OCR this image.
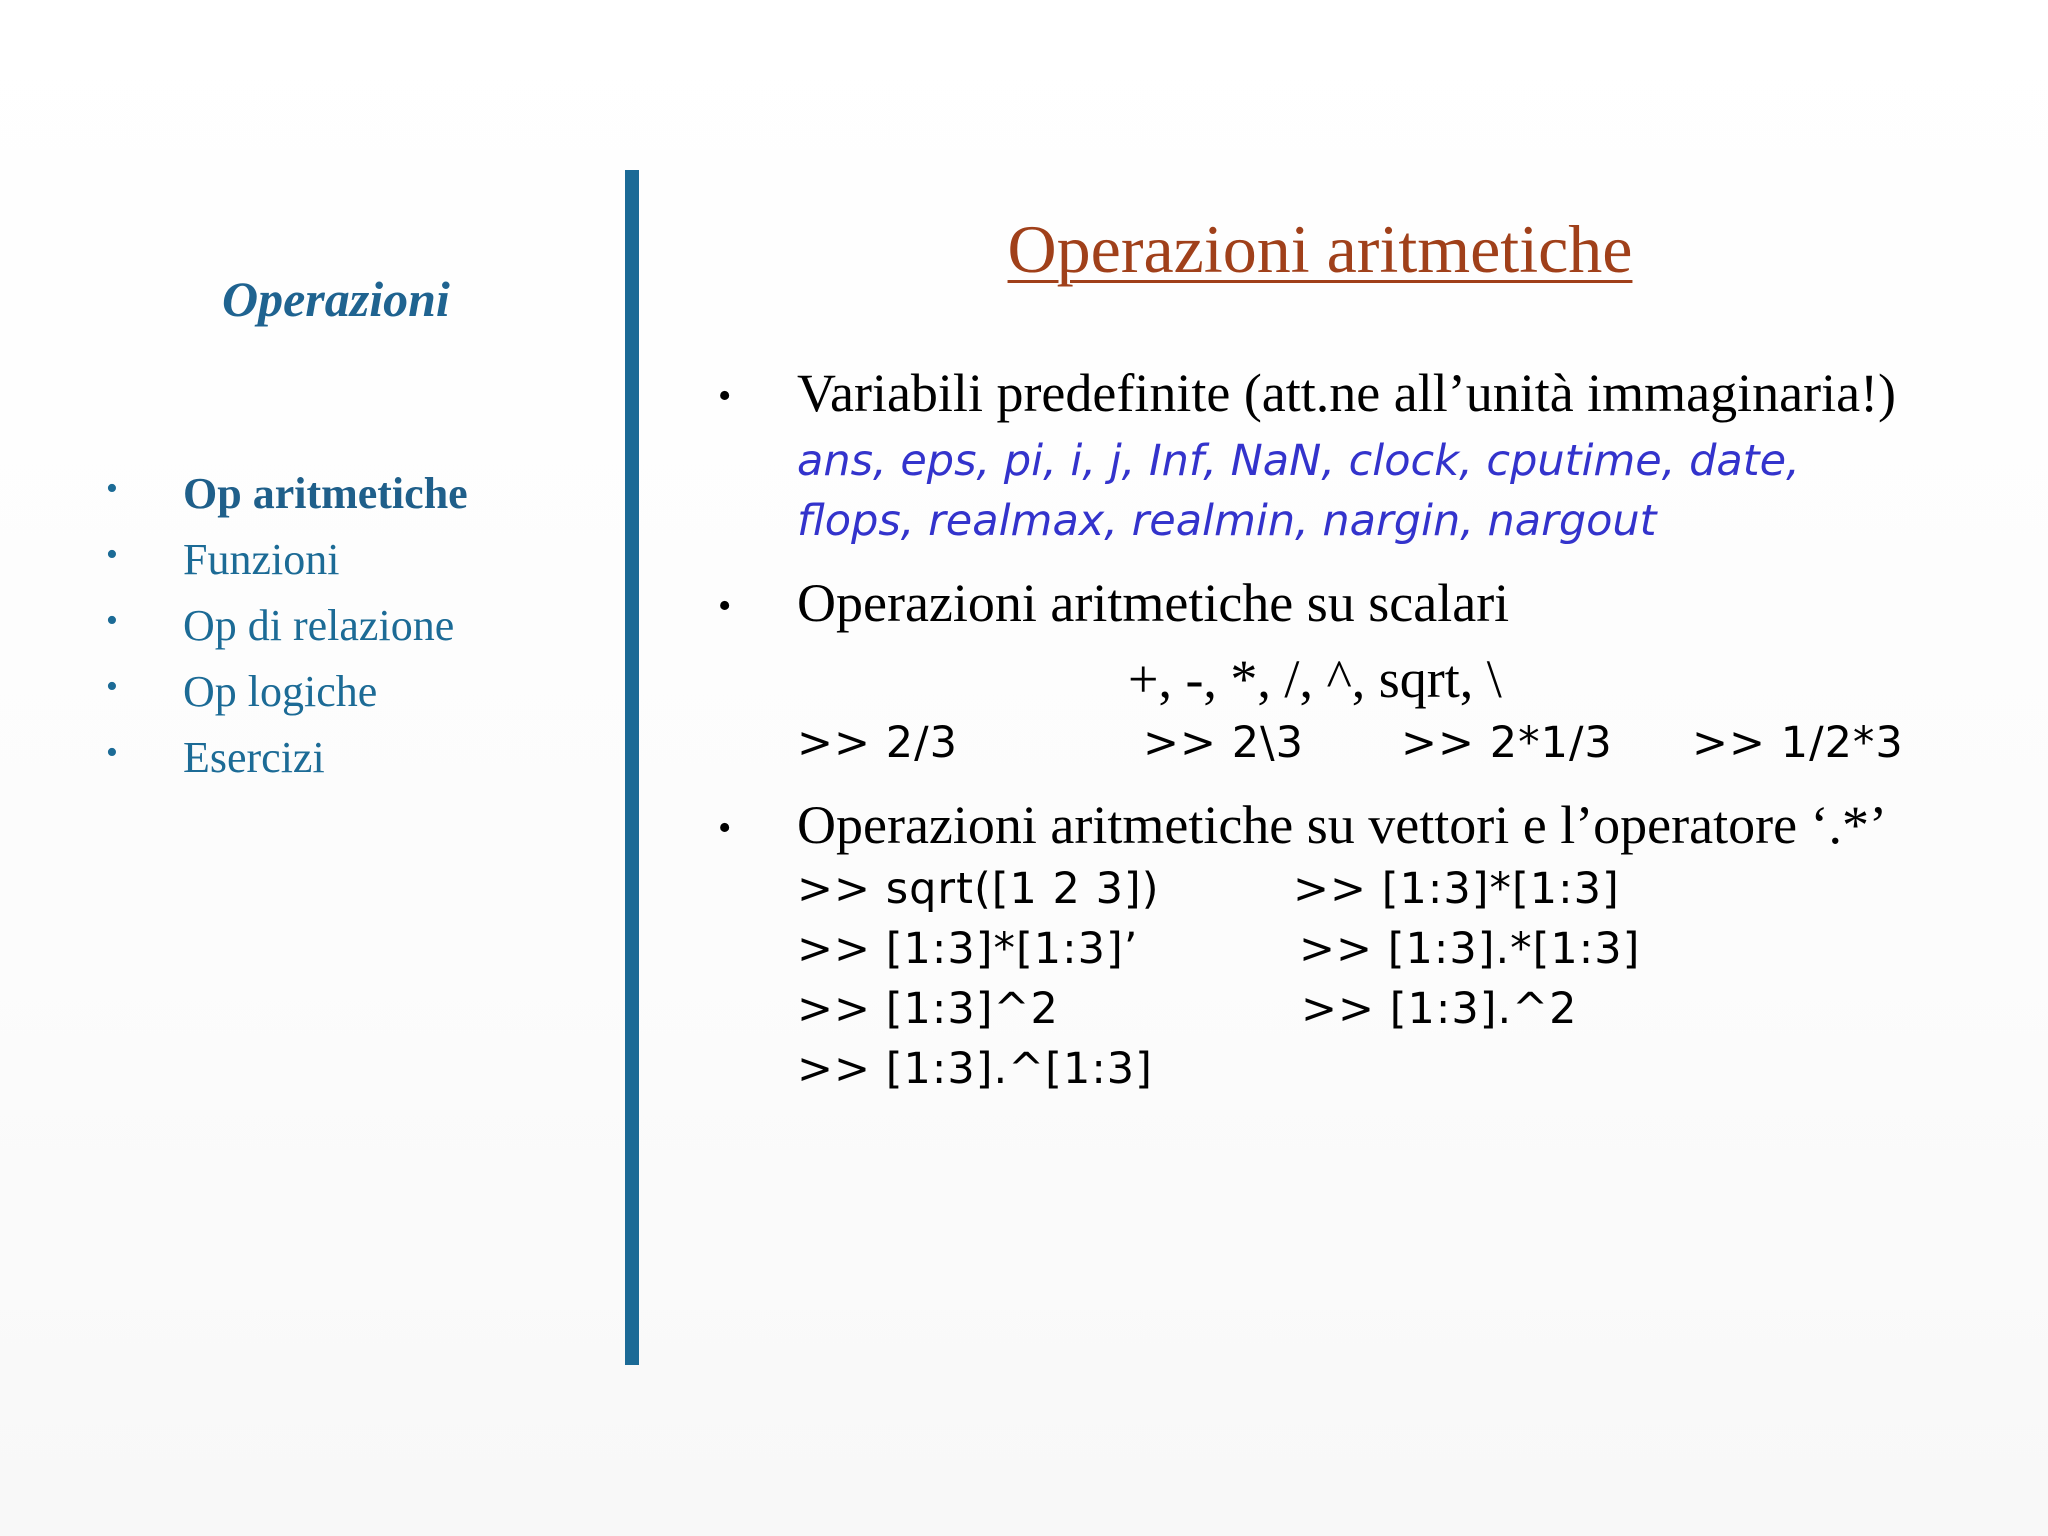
Operazioni
• Op aritmetiche
• Funzioni
• Op di relazione
• Op logiche
• Esercizi
Operazioni aritmetiche
• Variabili predefinite (att.ne all’unità immaginaria!)
ans, eps, pi, i, j, Inf, NaN, clock, cputime, date,
flops, realmax, realmin, nargin, nargout
• Operazioni aritmetiche su scalari
+, -, *, /, ^, sqrt, \
>> 2/3	>> 2\3 >> 2*1/3 >> 1/2*3
• Operazioni aritmetiche su vettori e l’operatore ‘.*’
>> sqrt([1 2 3])	>> [1:3]*[1:3]
>> [1:3]*[1:3]’	>> [1:3].*[1:3]
>> [1:3]^2	>> [1:3].^2
>> [1:3].^[1:3]
